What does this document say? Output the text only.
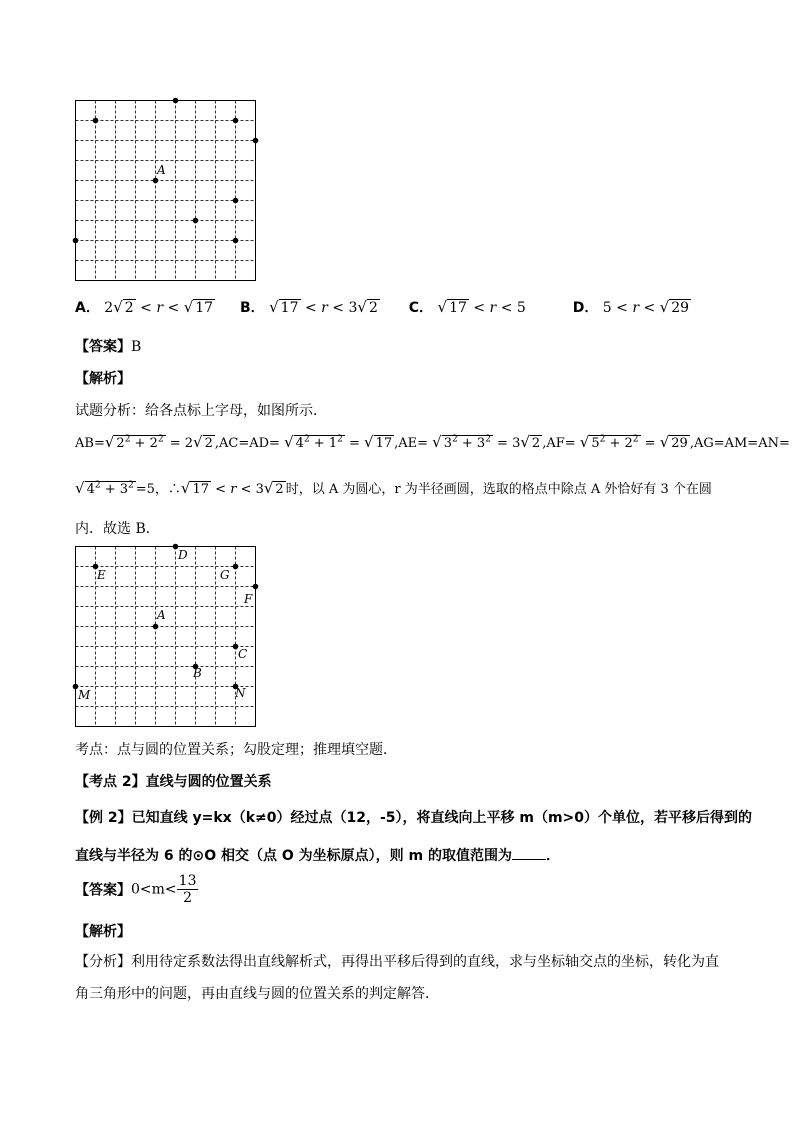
A
A． 2√ 2 < r < √ 17 B． √ 17 < r < 3√ 2 C． √ 17 < r < 5	D． 5 < r < √ 29
【答案】B
【解析】
试题分析：给各点标上字母，如图所示．
AB=√ $2^2 + 2^2 = 2√$ 2 ,AC=AD= √ $4^2 + 1^2$ = √ 17 ,AE= √ $3^2 + 3^2 = 3√$ 2 ,AF= √ $5^2 + 2^2$ = √ 29 ,AG=AM=AN=
√ $4^2 + 3^2 =5$，∴√ 17 < r < 3√ 2 时，以 A 为圆心，r 为半径画圆，选取的格点中除点 A 外恰好有 3 个在圆
内．故选 B．
D
E	G
F
A
C
B
M	N
考点：点与圆的位置关系；勾股定理；推理填空题．
【考点 2】直线与圆的位置关系
【例 2】已知直线 y=kx（k≠0）经过点（12，-5），将直线向上平移 m（m>0）个单位，若平移后得到的
直线与半径为 6 的⊙O 相交（点 O 为坐标原点），则 m 的取值范围为 ．
【答案】$0<m< \frac{13}{2}$
【解析】
【分析】利用待定系数法得出直线解析式，再得出平移后得到的直线，求与坐标轴交点的坐标，转化为直
角三角形中的问题，再由直线与圆的位置关系的判定解答．
